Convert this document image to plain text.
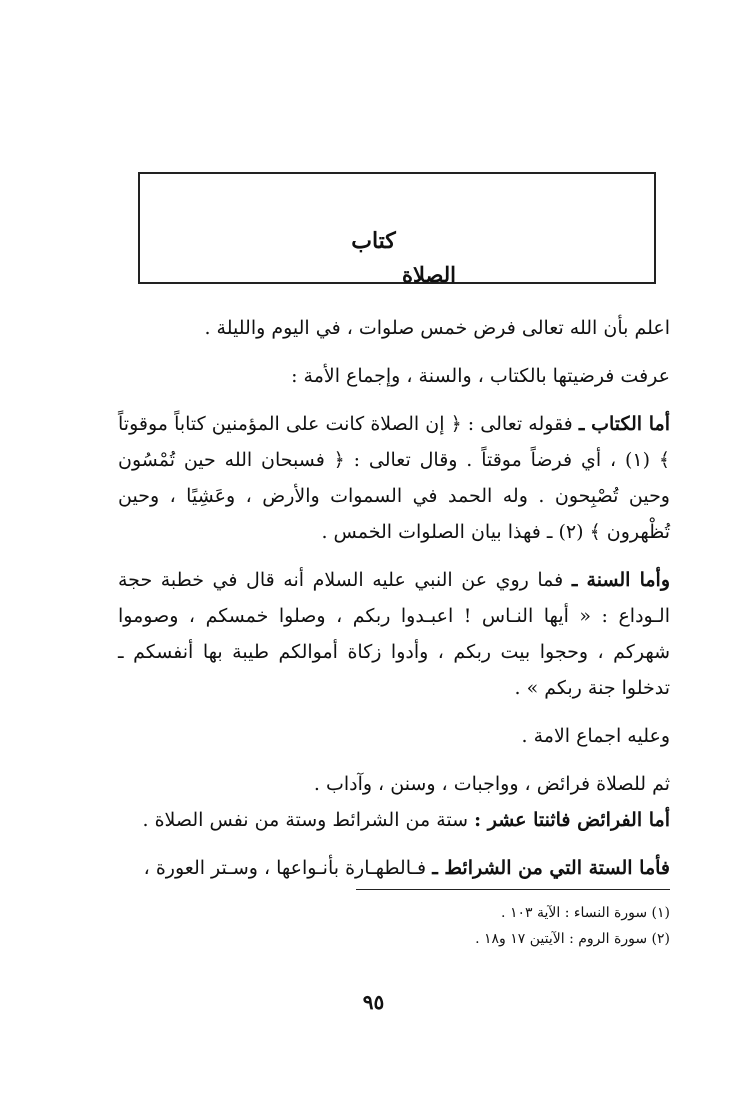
كتاب
الصلاة

اعلم بأن الله تعالى فرض خمس صلوات ، في اليوم والليلة .

عرفت فرضيتها بالكتاب ، والسنة ، وإجماع الأمة :

أما الكتاب ـ فقوله تعالى : ﴿ إن الصلاة كانت على المؤمنين كتاباً موقوتاً ﴾ (١) ، أي فرضاً موقتاً . وقال تعالى : ﴿ فسبحان الله حين تُمْسُون وحين تُصْبِحون . وله الحمد في السموات والأرض ، وعَشِيًا ، وحين تُظْهرون ﴾ (٢) ـ فهذا بيان الصلوات الخمس .

وأما السنة ـ فما روي عن النبي عليه السلام أنه قال في خطبة حجة الـوداع : « أيها النـاس ! اعبـدوا ربكم ، وصلوا خمسكم ، وصوموا شهركم ، وحجوا بيت ربكم ، وأدوا زكاة أموالكم طيبة بها أنفسكم ـ تدخلوا جنة ربكم » .

وعليه اجماع الامة .

ثم للصلاة فرائض ، وواجبات ، وسنن ، وآداب .

أما الفرائض فاثنتا عشر : ستة من الشرائط وستة من نفس الصلاة .

فأما الستة التي من الشرائط ـ فـالطهـارة بأنـواعها ، وسـتر العورة ،

(١) سورة النساء : الآية ١٠٣ .

(٢) سورة الروم : الآيتين ١٧ و١٨ .

٩٥
